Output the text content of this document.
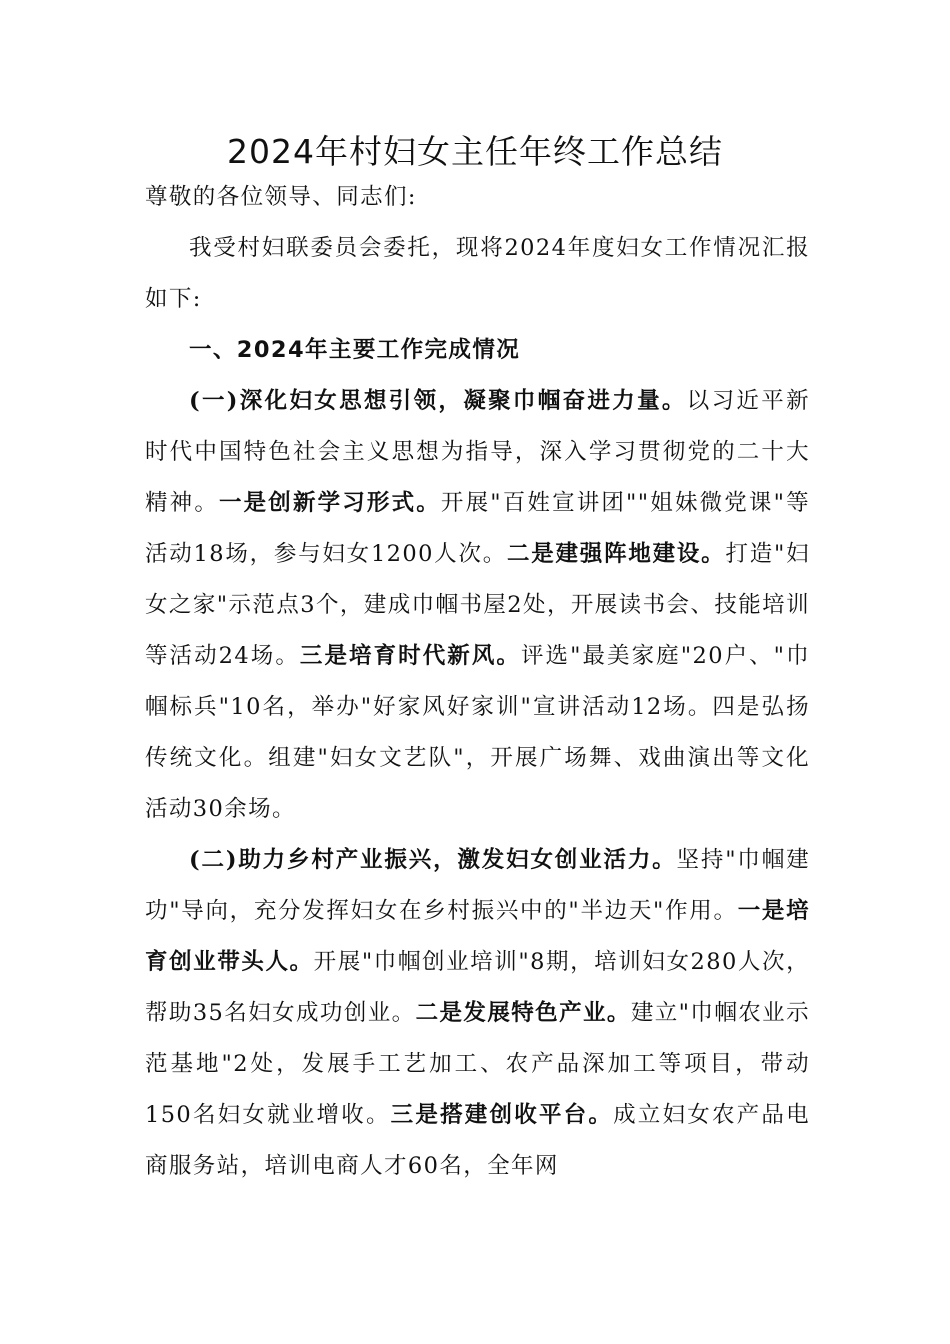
2024年村妇女主任年终工作总结

尊敬的各位领导、同志们:

我受村妇联委员会委托，现将2024年度妇女工作情况汇报如下:

一、2024年主要工作完成情况

(一)深化妇女思想引领，凝聚巾帼奋进力量。以习近平新时代中国特色社会主义思想为指导，深入学习贯彻党的二十大精神。一是创新学习形式。开展"百姓宣讲团""姐妹微党课"等活动18场，参与妇女1200人次。二是建强阵地建设。打造"妇女之家"示范点3个，建成巾帼书屋2处，开展读书会、技能培训等活动24场。三是培育时代新风。评选"最美家庭"20户、"巾帼标兵"10名，举办"好家风好家训"宣讲活动12场。四是弘扬传统文化。组建"妇女文艺队"，开展广场舞、戏曲演出等文化活动30余场。

(二)助力乡村产业振兴，激发妇女创业活力。坚持"巾帼建功"导向，充分发挥妇女在乡村振兴中的"半边天"作用。一是培育创业带头人。开展"巾帼创业培训"8期，培训妇女280人次，帮助35名妇女成功创业。二是发展特色产业。建立"巾帼农业示范基地"2处，发展手工艺加工、农产品深加工等项目，带动150名妇女就业增收。三是搭建创收平台。成立妇女农产品电商服务站，培训电商人才60名，全年网
